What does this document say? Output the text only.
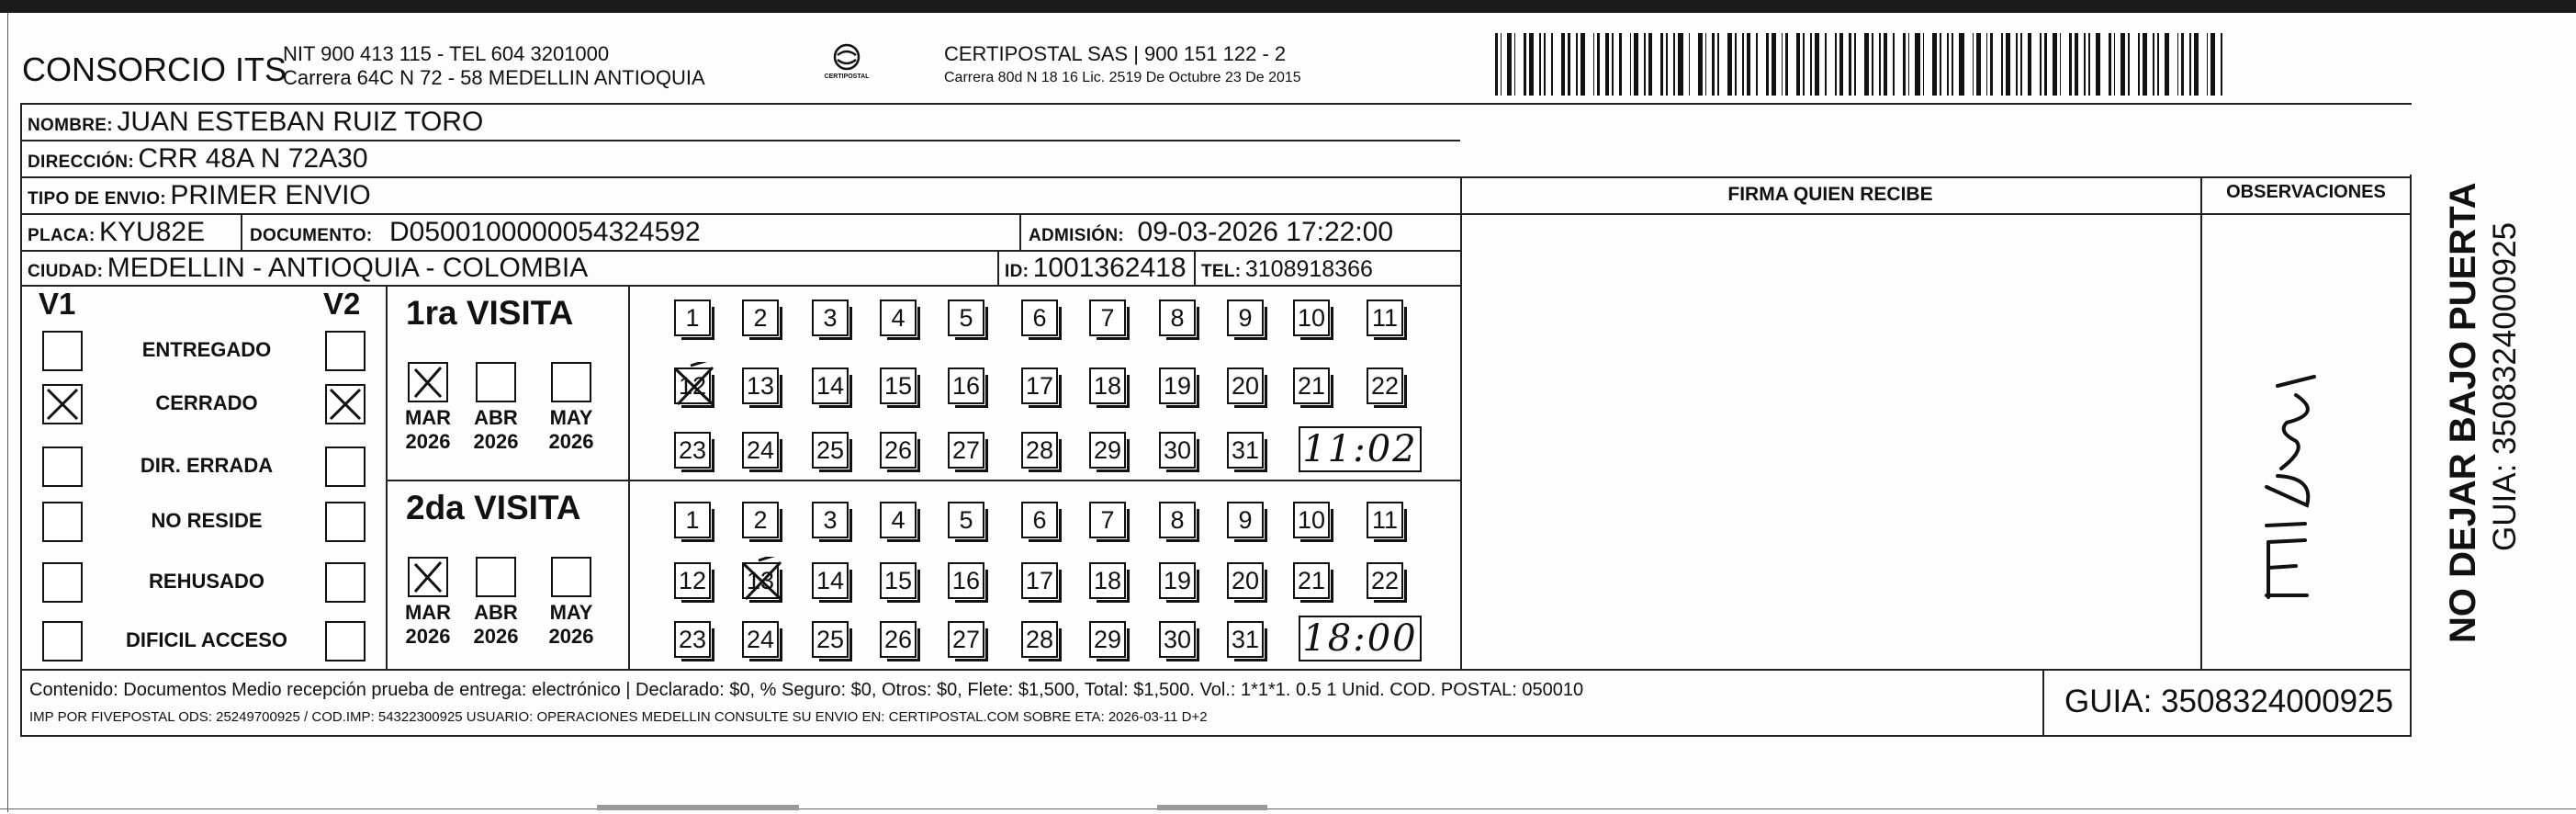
CONSORCIO ITS
NIT 900 413 115 - TEL 604 3201000
Carrera 64C N 72 - 58 MEDELLIN ANTIOQUIA	CERTIPOSTAL
CERTIPOSTAL SAS | 900 151 122 - 2
Carrera 80d N 18 16 Lic. 2519 De Octubre 23 De 2015
NOMBRE: JUAN ESTEBAN RUIZ TORO
DIRECCIÓN: CRR 48A N 72A30
TIPO DE ENVIO: PRIMER ENVIO
PLACA: KYU82E	DOCUMENTO: D0500100000054324592	ADMISIÓN: 09-03-2026 17:22:00
CIUDAD: MEDELLIN - ANTIOQUIA - COLOMBIA	ID: 1001362418 TEL: 3108918366
FIRMA QUIEN RECIBE	OBSERVACIONES
V1	V2
ENTREGADO
CERRADO
DIR. ERRADA
NO RESIDE
REHUSADO
DIFICIL ACCESO
1ra VISITA
2da VISITA
MAR
2026
ABR
2026
MAY
2026
MAR
2026
ABR
2026
MAY
2026
1	2	3	4	5	6	7	8	9	10 11
12 13 14 15 16 17 18 19 20 21 22
23 24 25 26 27 28 29 30 31 11:02
1	2	3	4	5	6	7	8	9	10 11
12 13 14 15 16 17 18 19 20 21 22
23 24 25 26 27 28 29 30 31 18:00
Contenido: Documentos Medio recepción prueba de entrega: electrónico | Declarado: $0, % Seguro: $0, Otros: $0, Flete: $1,500, Total: $1,500. Vol.: 1*1*1. 0.5 1 Unid. COD. POSTAL: 050010
IMP POR FIVEPOSTAL ODS: 25249700925 / COD.IMP: 54322300925 USUARIO: OPERACIONES MEDELLIN CONSULTE SU ENVIO EN: CERTIPOSTAL.COM SOBRE ETA: 2026-03-11 D+2	GUIA: 3508324000925
NO DEJAR BAJO PUERTA GUIA: 3508324000925
